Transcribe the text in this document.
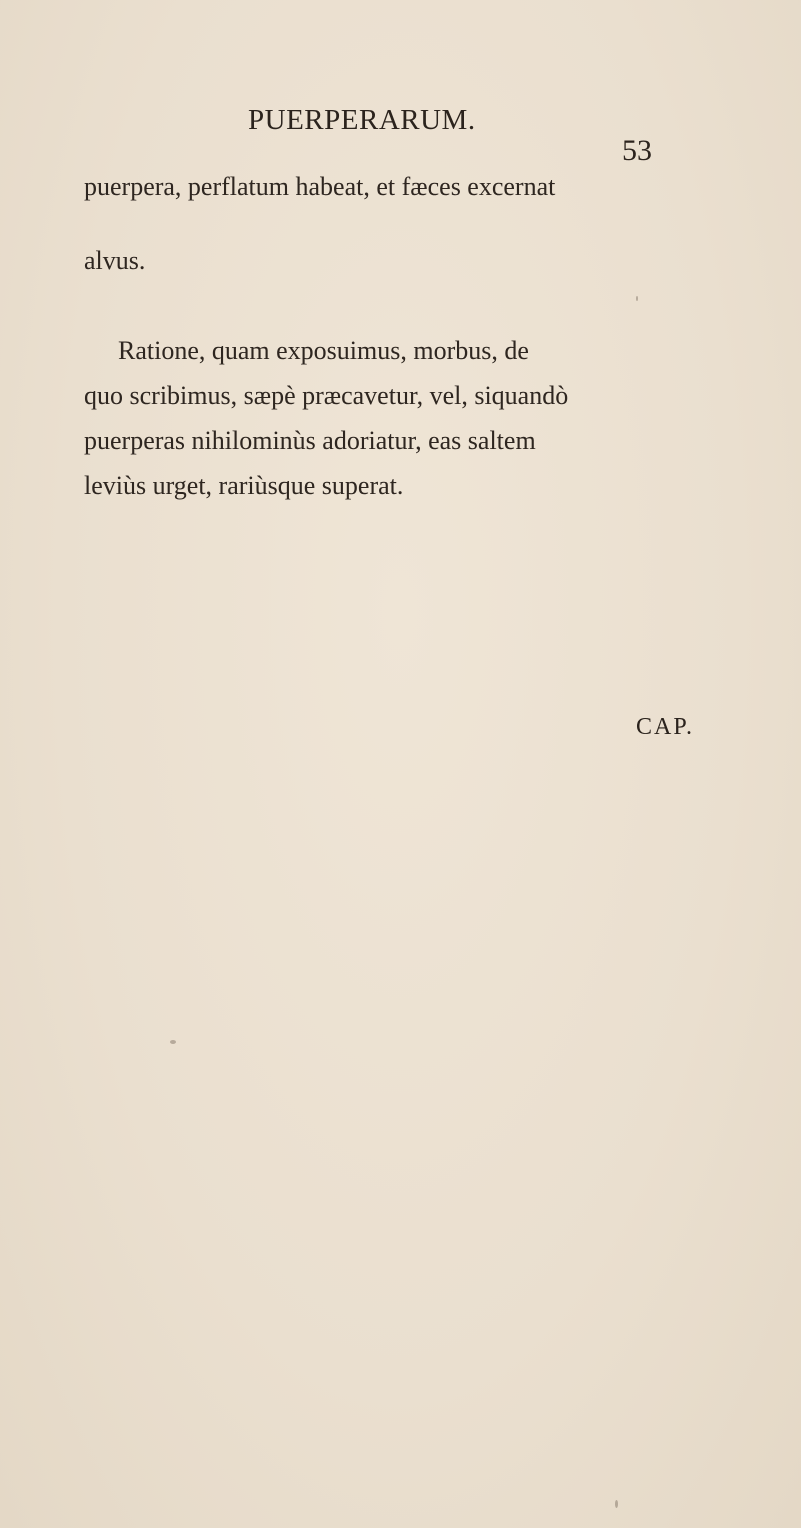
PUERPERARUM.
53
puerpera, perflatum habeat, et fæces excernat
alvus.
Ratione, quam exposuimus, morbus, de
quo scribimus, sæpè præcavetur, vel, siquandò
puerperas nihilominùs adoriatur, eas saltem
leviùs urget, rariùsque superat.
CAP.
